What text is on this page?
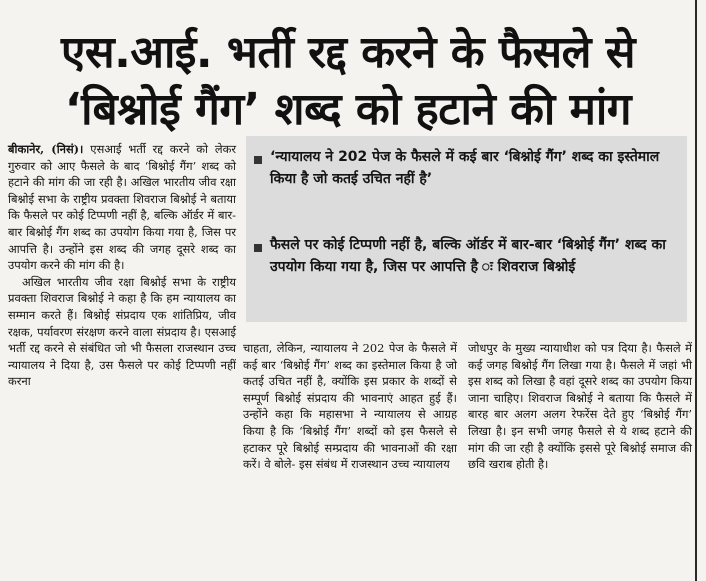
एस.आई. भर्ती रद्द करने के फैसले से
‘बिश्नोई गैंग’ शब्द को हटाने की मांग

बीकानेर, (निसं)। एसआई भर्ती रद्द करने को लेकर गुरुवार को आए फैसले के बाद ‘बिश्नोई गैंग’ शब्द को हटाने की मांग की जा रही है। अखिल भारतीय जीव रक्षा बिश्नोई सभा के राष्ट्रीय प्रवक्ता शिवराज बिश्नोई ने बताया कि फैसले पर कोई टिप्पणी नहीं है, बल्कि ऑर्डर में बार-बार बिश्नोई गैंग शब्द का उपयोग किया गया है, जिस पर आपत्ति है। उन्होंने इस शब्द की जगह दूसरे शब्द का उपयोग करने की मांग की है।

अखिल भारतीय जीव रक्षा बिश्नोई सभा के राष्ट्रीय प्रवक्ता शिवराज बिश्नोई ने कहा है कि हम न्यायालय का सम्मान करते हैं। बिश्नोई संप्रदाय एक शांतिप्रिय, जीव रक्षक, पर्यावरण संरक्षण करने वाला संप्रदाय है। एसआई भर्ती रद्द करने से संबंधित जो भी फैसला राजस्थान उच्च न्यायालय ने दिया है, उस फैसले पर कोई टिप्पणी नहीं करना

‘न्यायालय ने 202 पेज के फैसले में कई बार ‘बिश्नोई गैंग’ शब्द का इस्तेमाल किया है जो कतई उचित नहीं है’
फैसले पर कोई टिप्पणी नहीं है, बल्कि ऑर्डर में बार-बार ‘बिश्नोई गैंग’ शब्द का उपयोग किया गया है, जिस पर आपत्ति है ः शिवराज बिश्नोई

चाहता, लेकिन, न्यायालय ने 202 पेज के फैसले में कई बार ‘बिश्नोई गैंग’ शब्द का इस्तेमाल किया है जो कतई उचित नहीं है, क्योंकि इस प्रकार के शब्दों से सम्पूर्ण बिश्नोई संप्रदाय की भावनाएं आहत हुई हैं। उन्होंने कहा कि महासभा ने न्यायालय से आग्रह किया है कि ‘बिश्नोई गैंग’ शब्दों को इस फैसले से हटाकर पूरे बिश्नोई सम्प्रदाय की भावनाओं की रक्षा करें। वे बोले- इस संबंध में राजस्थान उच्च न्यायालय

जोधपुर के मुख्य न्यायाधीश को पत्र दिया है। फैसले में कई जगह बिश्नोई गैंग लिखा गया है। फैसले में जहां भी इस शब्द को लिखा है वहां दूसरे शब्द का उपयोग किया जाना चाहिए। शिवराज बिश्नोई ने बताया कि फैसले में बारह बार अलग अलग रेफरेंस देते हुए ‘बिश्नोई गैंग’ लिखा है। इन सभी जगह फैसले से ये शब्द हटाने की मांग की जा रही है क्योंकि इससे पूरे बिश्नोई समाज की छवि खराब होती है।
